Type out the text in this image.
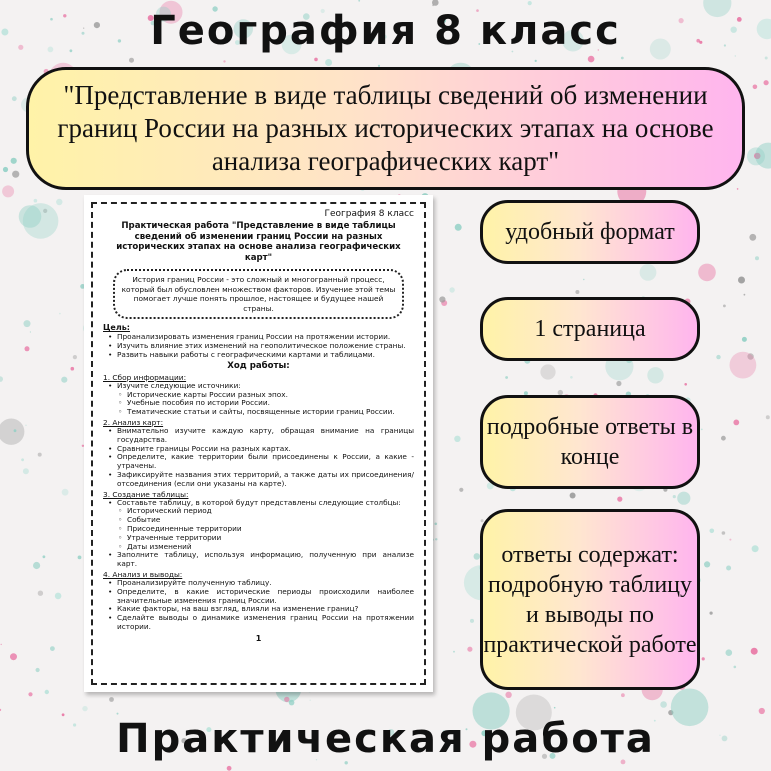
География 8 класс
"Представление в виде таблицы сведений об изменении границ России на разных исторических этапах на основе анализа географических карт"
География 8 класс
Практическая работа "Представление в виде таблицы сведений об изменении границ России на разных исторических этапах на основе анализа географических карт"
История границ России - это сложный и многогранный процесс, который был обусловлен множеством факторов. Изучение этой темы помогает лучше понять прошлое, настоящее и будущее нашей страны.
Цель:
• Проанализировать изменения границ России на протяжении истории.
• Изучить влияние этих изменений на геополитическое положение страны.
• Развить навыки работы с географическими картами и таблицами.
Ход работы:
1. Сбор информации:
• Изучите следующие источники:
◦ Исторические карты России разных эпох.
◦ Учебные пособия по истории России.
◦ Тематические статьи и сайты, посвященные истории границ России.
2. Анализ карт:
• Внимательно изучите каждую карту, обращая внимание на границы государства.
• Сравните границы России на разных картах.
• Определите, какие территории были присоединены к России, а какие - утрачены.
• Зафиксируйте названия этих территорий, а также даты их присоединения/отсоединения (если они указаны на карте).
3. Создание таблицы:
• Составьте таблицу, в которой будут представлены следующие столбцы:
◦ Исторический период
◦ Событие
◦ Присоединенные территории
◦ Утраченные территории
◦ Даты изменений
• Заполните таблицу, используя информацию, полученную при анализе карт.
4. Анализ и выводы:
• Проанализируйте полученную таблицу.
• Определите, в какие исторические периоды происходили наиболее значительные изменения границ России.
• Какие факторы, на ваш взгляд, влияли на изменение границ?
• Сделайте выводы о динамике изменения границ России на протяжении истории.
1
удобный формат
1 страница
подробные ответы в конце
ответы содержат: подробную таблицу и выводы по практической работе
Практическая работа
